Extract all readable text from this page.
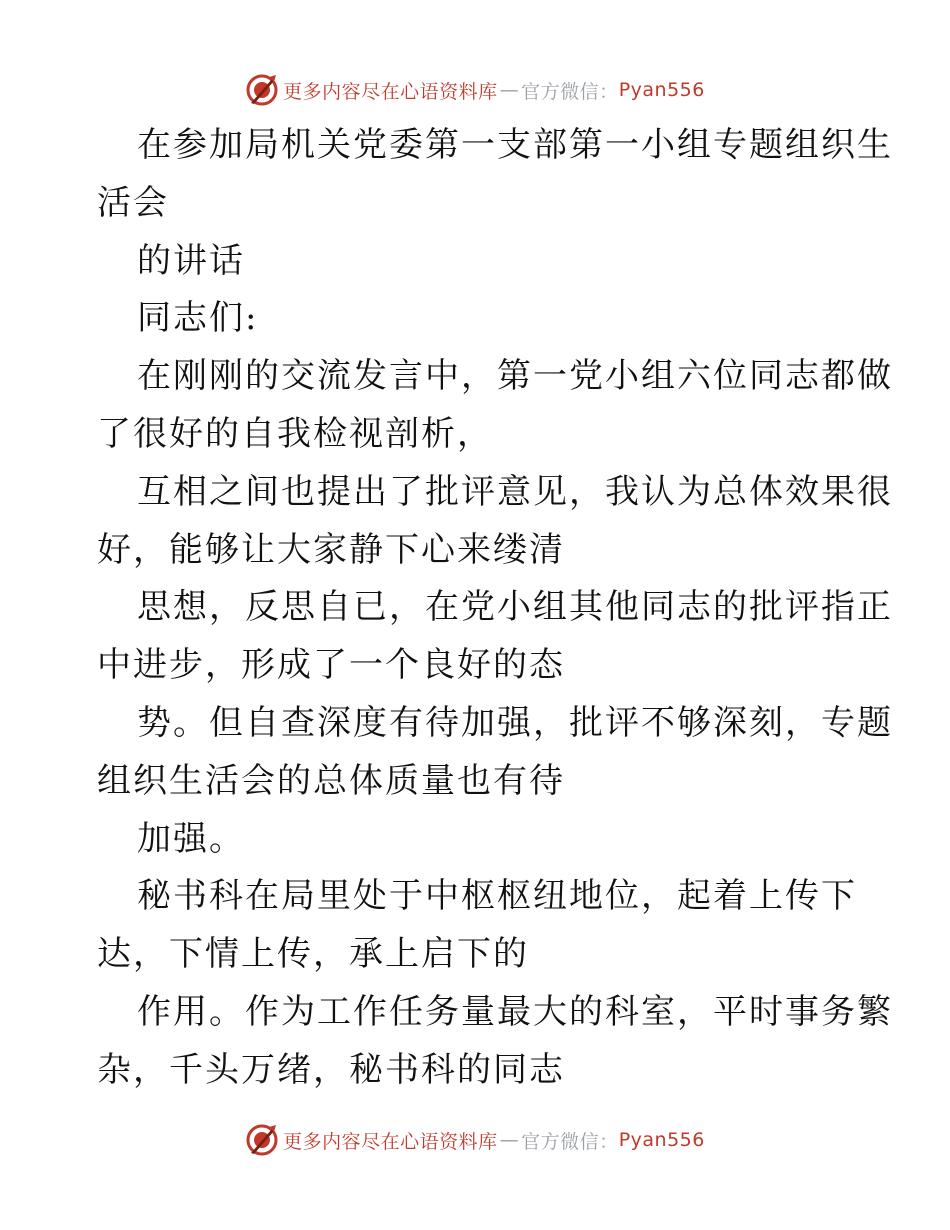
更多内容尽在心语资料库 — 官方微信： Pyan556
在参加局机关党委第一支部第一小组专题组织生
活会
的讲话
同志们:
在刚刚的交流发言中，第一党小组六位同志都做
了很好的自我检视剖析，
互相之间也提出了批评意见，我认为总体效果很
好，能够让大家静下心来缕清
思想，反思自已，在党小组其他同志的批评指正
中进步，形成了一个良好的态
势。但自查深度有待加强，批评不够深刻，专题
组织生活会的总体质量也有待
加强。
秘书科在局里处于中枢枢纽地位，起着上传下
达，下情上传，承上启下的
作用。作为工作任务量最大的科室，平时事务繁
杂，千头万绪，秘书科的同志
更多内容尽在心语资料库 — 官方微信： Pyan556
